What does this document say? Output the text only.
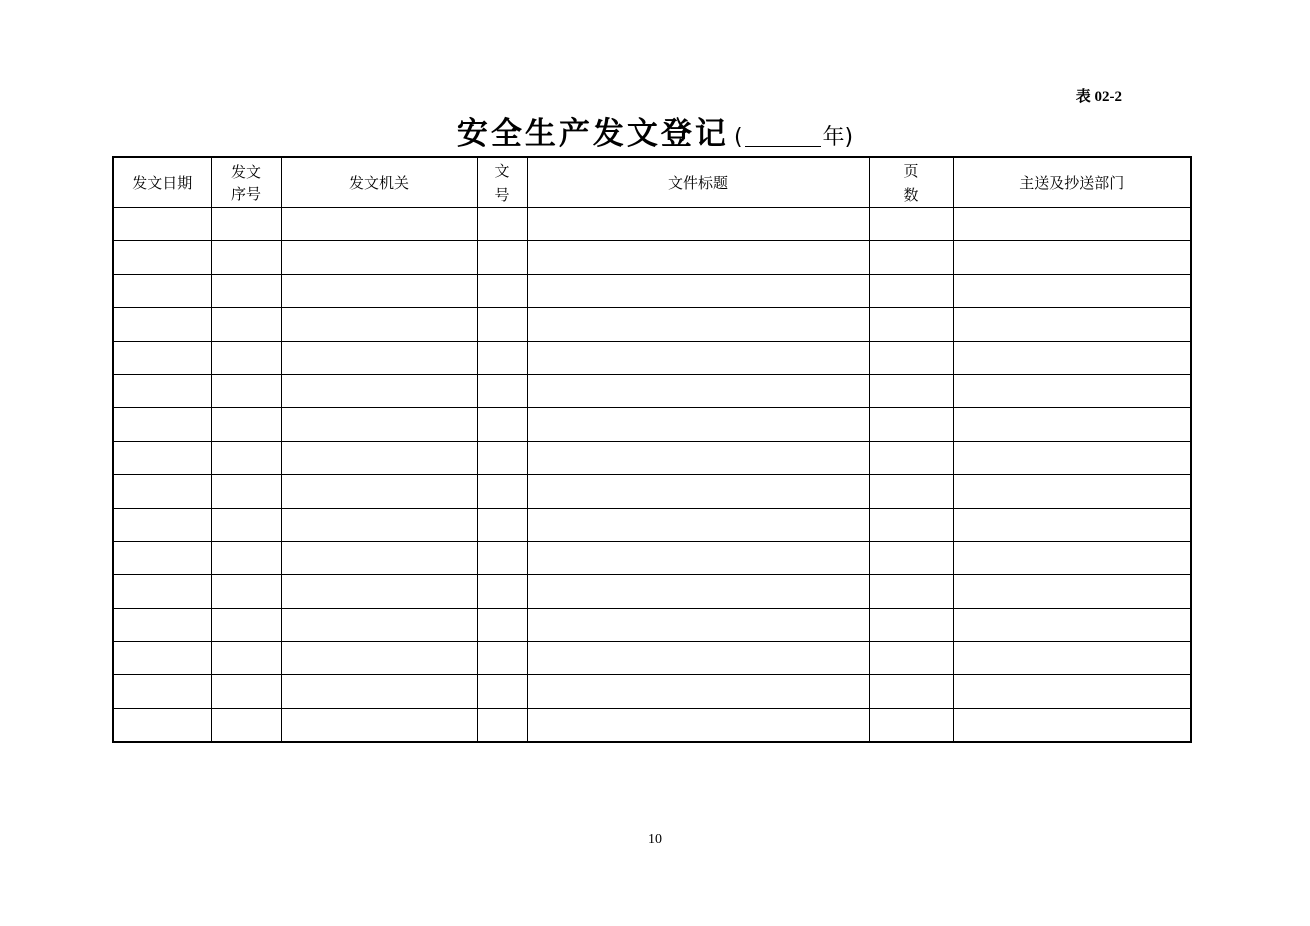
表 02-2
安全生产发文登记 (	年)
发文日期	发文序号	发文机关	文号	文件标题	页数	主送及抄送部门

10
